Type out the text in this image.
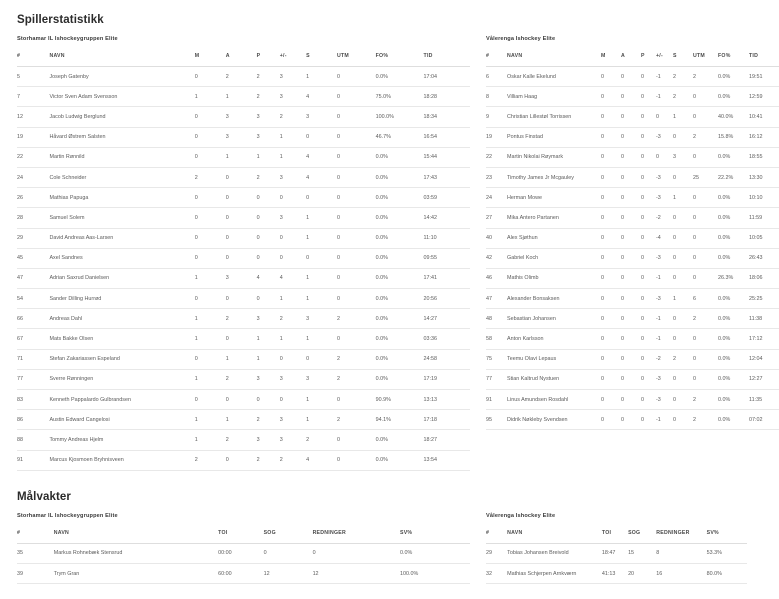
Spillerstatistikk
Storhamar IL Ishockeygruppen Elite
#	NAVN	M	A	P	+/-	S	UTM	FO%	TID
5	Joseph Gatenby	0	2	2	3	1	0	0.0%	17:04
7	Victor Sven Adam Svensson	1	1	2	3	4	0	75.0%	18:28
12	Jacob Ludwig Berglund	0	3	3	2	3	0	100.0%	18:34
19	Håvard Østrem Salsten	0	3	3	1	0	0	46.7%	16:54
22	Martin Rønnild	0	1	1	1	4	0	0.0%	15:44
24	Cole Schneider	2	0	2	3	4	0	0.0%	17:43
26	Mathias Papuga	0	0	0	0	0	0	0.0%	03:59
28	Samuel Solem	0	0	0	3	1	0	0.0%	14:42
29	David Andreas Aas-Larsen	0	0	0	0	1	0	0.0%	11:10
45	Axel Sandnes	0	0	0	0	0	0	0.0%	09:55
47	Adrian Saxrud Danielsen	1	3	4	4	1	0	0.0%	17:41
54	Sander Dilling Hurrød	0	0	0	1	1	0	0.0%	20:56
66	Andreas Dahl	1	2	3	2	3	2	0.0%	14:27
67	Mats Bakke Olsen	1	0	1	1	1	0	0.0%	03:36
71	Stefan Zakariassen Espeland	0	1	1	0	0	2	0.0%	24:58
77	Sverre Rønningen	1	2	3	3	3	2	0.0%	17:19
83	Kenneth Pappalardo Gulbrandsen	0	0	0	0	1	0	90.9%	13:13
86	Austin Edward Cangelosi	1	1	2	3	1	2	94.1%	17:18
88	Tommy Andreas Hjelm	1	2	3	3	2	0	0.0%	18:27
91	Marcus Kjosmoen Bryhnisveen	2	0	2	2	4	0	0.0%	13:54
Vålerenga Ishockey Elite
#	NAVN	M	A	P	+/-	S	UTM	FO%	TID
6	Oskar Kalle Ekelund	0	0	0	-1	2	2	0.0%	19:51
8	Villiam Haag	0	0	0	-1	2	0	0.0%	12:59
9	Christian Lillestøl Torrissen	0	0	0	0	1	0	40.0%	10:41
19	Pontus Finstad	0	0	0	-3	0	2	15.8%	16:12
22	Martin Nikolai Røymark	0	0	0	0	3	0	0.0%	18:55
23	Timothy James Jr Mcgauley	0	0	0	-3	0	25	22.2%	13:30
24	Herman Mowe	0	0	0	-3	1	0	0.0%	10:10
27	Mika Antero Partanen	0	0	0	-2	0	0	0.0%	11:59
40	Alex Sjøthun	0	0	0	-4	0	0	0.0%	10:05
42	Gabriel Koch	0	0	0	-3	0	0	0.0%	26:43
46	Mathis Olimb	0	0	0	-1	0	0	26.3%	18:06
47	Alexander Bonsaksen	0	0	0	-3	1	6	0.0%	25:25
48	Sebastian Johansen	0	0	0	-1	0	2	0.0%	11:38
58	Anton Karlsson	0	0	0	-1	0	0	0.0%	17:12
75	Teemu Olavi Lepaus	0	0	0	-2	2	0	0.0%	12:04
77	Stian Kaltrud Nystuen	0	0	0	-3	0	0	0.0%	12:27
91	Linus Amundsen Rosdahl	0	0	0	-3	0	2	0.0%	11:35
95	Didrik Nøkleby Svendsen	0	0	0	-1	0	2	0.0%	07:02
Målvakter
Storhamar IL Ishockeygruppen Elite
#	NAVN	TOI	SOG	REDNINGER	SV%
35	Markus Rohnebæk Stensrud	00:00	0	0	0.0%
39	Trym Gran	60:00	12	12	100.0%
Vålerenga Ishockey Elite
#	NAVN	TOI	SOG	REDNINGER	SV%
29	Tobias Johansen Breivold	18:47	15	8	53.3%
32	Mathias Schjerpen Arnkværn	41:13	20	16	80.0%
